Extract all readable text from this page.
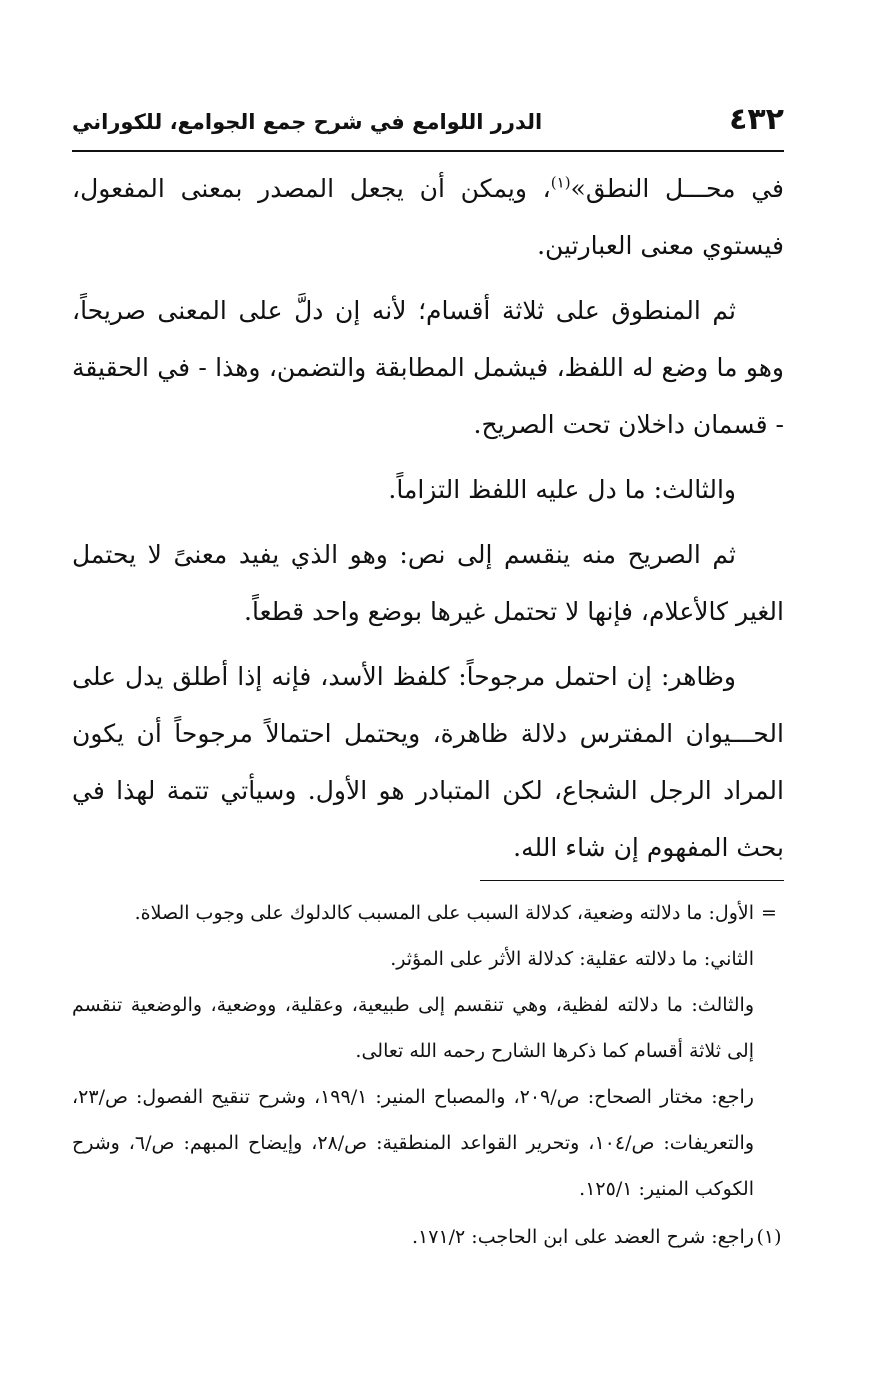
٤٣٢
الدرر اللوامع في شرح جمع الجوامع، للكوراني

في محـــل النطق»$^{(١)}$، ويمكن أن يجعل المصدر بمعنى المفعول، فيستوي معنى العبارتين.

ثم المنطوق على ثلاثة أقسام؛ لأنه إن دلَّ على المعنى صريحاً، وهو ما وضع له اللفظ، فيشمل المطابقة والتضمن، وهذا - في الحقيقة - قسمان داخلان تحت الصريح.

والثالث: ما دل عليه اللفظ التزاماً.

ثم الصريح منه ينقسم إلى نص: وهو الذي يفيد معنىً لا يحتمل الغير كالأعلام، فإنها لا تحتمل غيرها بوضع واحد قطعاً.

وظاهر: إن احتمل مرجوحاً: كلفظ الأسد، فإنه إذا أطلق يدل على الحـــيوان المفترس دلالة ظاهرة، ويحتمل احتمالاً مرجوحاً أن يكون المراد الرجل الشجاع، لكن المتبادر هو الأول. وسيأتي تتمة لهذا في بحث المفهوم إن شاء الله.

=الأول: ما دلالته وضعية، كدلالة السبب على المسبب كالدلوك على وجوب الصلاة.

الثاني: ما دلالته عقلية: كدلالة الأثر على المؤثر.

والثالث: ما دلالته لفظية، وهي تنقسم إلى طبيعية، وعقلية، ووضعية، والوضعية تنقسم إلى ثلاثة أقسام كما ذكرها الشارح رحمه الله تعالى.

راجع: مختار الصحاح: ص/٢٠٩، والمصباح المنير: ١٩٩/١، وشرح تنقيح الفصول: ص/٢٣، والتعريفات: ص/١٠٤، وتحرير القواعد المنطقية: ص/٢٨، وإيضاح المبهم: ص/٦، وشرح الكوكب المنير: ١٢٥/١.

(١)راجع: شرح العضد على ابن الحاجب: ١٧١/٢.
